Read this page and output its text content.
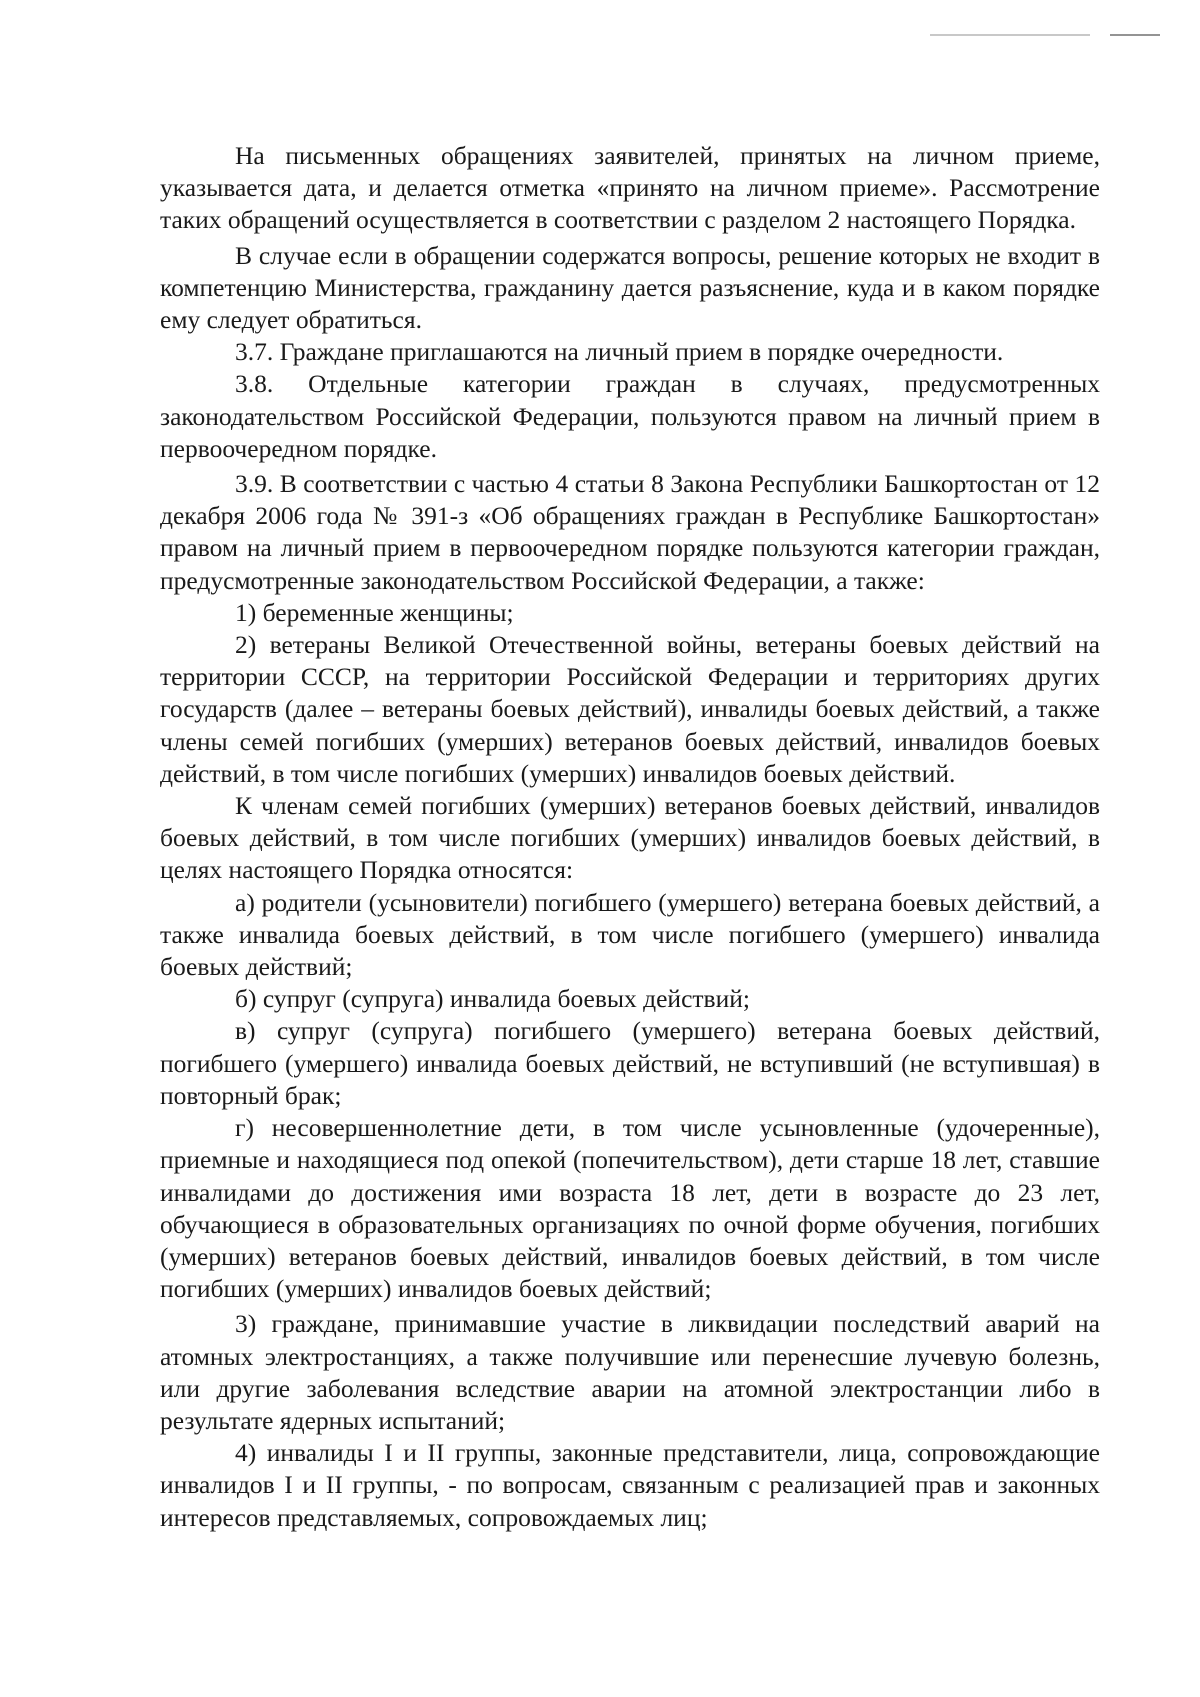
На письменных обращениях заявителей, принятых на личном приеме, указывается дата, и делается отметка «принято на личном приеме». Рассмотрение таких обращений осуществляется в соответствии с разделом 2 настоящего Порядка.

В случае если в обращении содержатся вопросы, решение которых не входит в компетенцию Министерства, гражданину дается разъяснение, куда и в каком порядке ему следует обратиться.

3.7. Граждане приглашаются на личный прием в порядке очередности.

3.8. Отдельные категории граждан в случаях, предусмотренных законодательством Российской Федерации, пользуются правом на личный прием в первоочередном порядке.

3.9. В соответствии с частью 4 статьи 8 Закона Республики Башкортостан от 12 декабря 2006 года № 391-з «Об обращениях граждан в Республике Башкортостан» правом на личный прием в первоочередном порядке пользуются категории граждан, предусмотренные законодательством Российской Федерации, а также:

1) беременные женщины;

2) ветераны Великой Отечественной войны, ветераны боевых действий на территории СССР, на территории Российской Федерации и территориях других государств (далее – ветераны боевых действий), инвалиды боевых действий, а также члены семей погибших (умерших) ветеранов боевых действий, инвалидов боевых действий, в том числе погибших (умерших) инвалидов боевых действий.

К членам семей погибших (умерших) ветеранов боевых действий, инвалидов боевых действий, в том числе погибших (умерших) инвалидов боевых действий, в целях настоящего Порядка относятся:

а) родители (усыновители) погибшего (умершего) ветерана боевых действий, а также инвалида боевых действий, в том числе погибшего (умершего) инвалида боевых действий;

б) супруг (супруга) инвалида боевых действий;

в) супруг (супруга) погибшего (умершего) ветерана боевых действий, погибшего (умершего) инвалида боевых действий, не вступивший (не вступившая) в повторный брак;

г) несовершеннолетние дети, в том числе усыновленные (удочеренные), приемные и находящиеся под опекой (попечительством), дети старше 18 лет, ставшие инвалидами до достижения ими возраста 18 лет, дети в возрасте до 23 лет, обучающиеся в образовательных организациях по очной форме обучения, погибших (умерших) ветеранов боевых действий, инвалидов боевых действий, в том числе погибших (умерших) инвалидов боевых действий;

3) граждане, принимавшие участие в ликвидации последствий аварий на атомных электростанциях, а также получившие или перенесшие лучевую болезнь, или другие заболевания вследствие аварии на атомной электростанции либо в результате ядерных испытаний;

4) инвалиды I и II группы, законные представители, лица, сопровождающие инвалидов I и II группы, - по вопросам, связанным с реализацией прав и законных интересов представляемых, сопровождаемых лиц;
